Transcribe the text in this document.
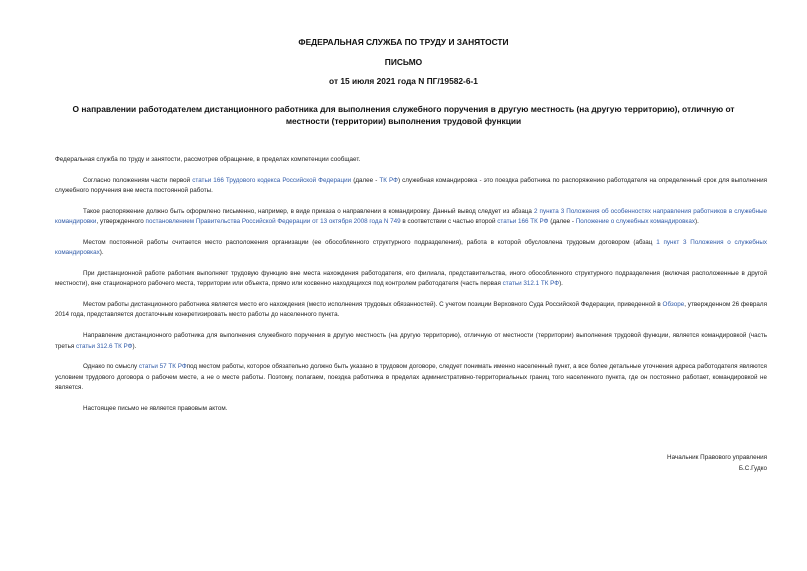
ФЕДЕРАЛЬНАЯ СЛУЖБА ПО ТРУДУ И ЗАНЯТОСТИ
ПИСЬМО
от 15 июля 2021 года N ПГ/19582-6-1
О направлении работодателем дистанционного работника для выполнения служебного поручения в другую местность (на другую территорию), отличную от местности (территории) выполнения трудовой функции

Федеральная служба по труду и занятости, рассмотрев обращение, в пределах компетенции сообщает.

Согласно положениям части первой статьи 166 Трудового кодекса Российской Федерации (далее - ТК РФ) служебная командировка - это поездка работника по распоряжению работодателя на определенный срок для выполнения служебного поручения вне места постоянной работы.

Такое распоряжение должно быть оформлено письменно, например, в виде приказа о направлении в командировку. Данный вывод следует из абзаца 2 пункта 3 Положения об особенностях направления работников в служебные командировки, утвержденного постановлением Правительства Российской Федерации от 13 октября 2008 года N 749 в соответствии с частью второй статьи 166 ТК РФ (далее - Положение о служебных командировках).

Местом постоянной работы считается место расположения организации (ее обособленного структурного подразделения), работа в которой обусловлена трудовым договором (абзац 1 пункт 3 Положения о служебных командировках).

При дистанционной работе работник выполняет трудовую функцию вне места нахождения работодателя, его филиала, представительства, иного обособленного структурного подразделения (включая расположенные в другой местности), вне стационарного рабочего места, территории или объекта, прямо или косвенно находящихся под контролем работодателя (часть первая статьи 312.1 ТК РФ).

Местом работы дистанционного работника является место его нахождения (место исполнения трудовых обязанностей). С учетом позиции Верховного Суда Российской Федерации, приведенной в Обзоре, утвержденном 26 февраля 2014 года, представляется достаточным конкретизировать место работы до населенного пункта.

Направление дистанционного работника для выполнения служебного поручения в другую местность (на другую территорию), отличную от местности (территории) выполнения трудовой функции, является командировкой (часть третья статьи 312.6 ТК РФ).

Однако по смыслу статьи 57 ТК РФпод местом работы, которое обязательно должно быть указано в трудовом договоре, следует понимать именно населенный пункт, а все более детальные уточнения адреса работодателя являются условием трудового договора о рабочем месте, а не о месте работы. Поэтому, полагаем, поездка работника в пределах административно-территориальных границ того населенного пункта, где он постоянно работает, командировкой не является.

Настоящее письмо не является правовым актом.

Начальник Правового управления
Б.С.Гудко
